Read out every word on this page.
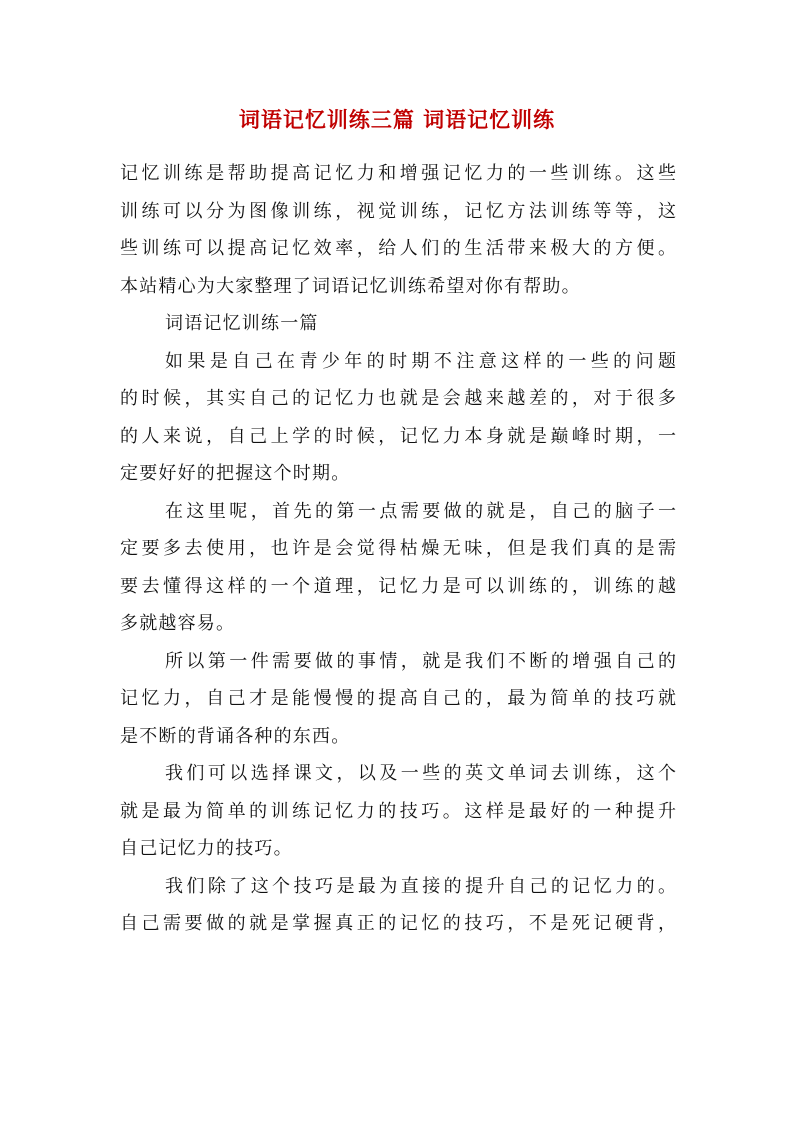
词语记忆训练三篇 词语记忆训练
记忆训练是帮助提高记忆力和增强记忆力的一些训练。这些
训练可以分为图像训练，视觉训练，记忆方法训练等等，这
些训练可以提高记忆效率，给人们的生活带来极大的方便。
本站精心为大家整理了词语记忆训练希望对你有帮助。
词语记忆训练一篇
如果是自己在青少年的时期不注意这样的一些的问题
的时候，其实自己的记忆力也就是会越来越差的，对于很多
的人来说，自己上学的时候，记忆力本身就是巅峰时期，一
定要好好的把握这个时期。
在这里呢，首先的第一点需要做的就是，自己的脑子一
定要多去使用，也许是会觉得枯燥无味，但是我们真的是需
要去懂得这样的一个道理，记忆力是可以训练的，训练的越
多就越容易。
所以第一件需要做的事情，就是我们不断的增强自己的
记忆力，自己才是能慢慢的提高自己的，最为简单的技巧就
是不断的背诵各种的东西。
我们可以选择课文，以及一些的英文单词去训练，这个
就是最为简单的训练记忆力的技巧。这样是最好的一种提升
自己记忆力的技巧。
我们除了这个技巧是最为直接的提升自己的记忆力的。
自己需要做的就是掌握真正的记忆的技巧，不是死记硬背，
